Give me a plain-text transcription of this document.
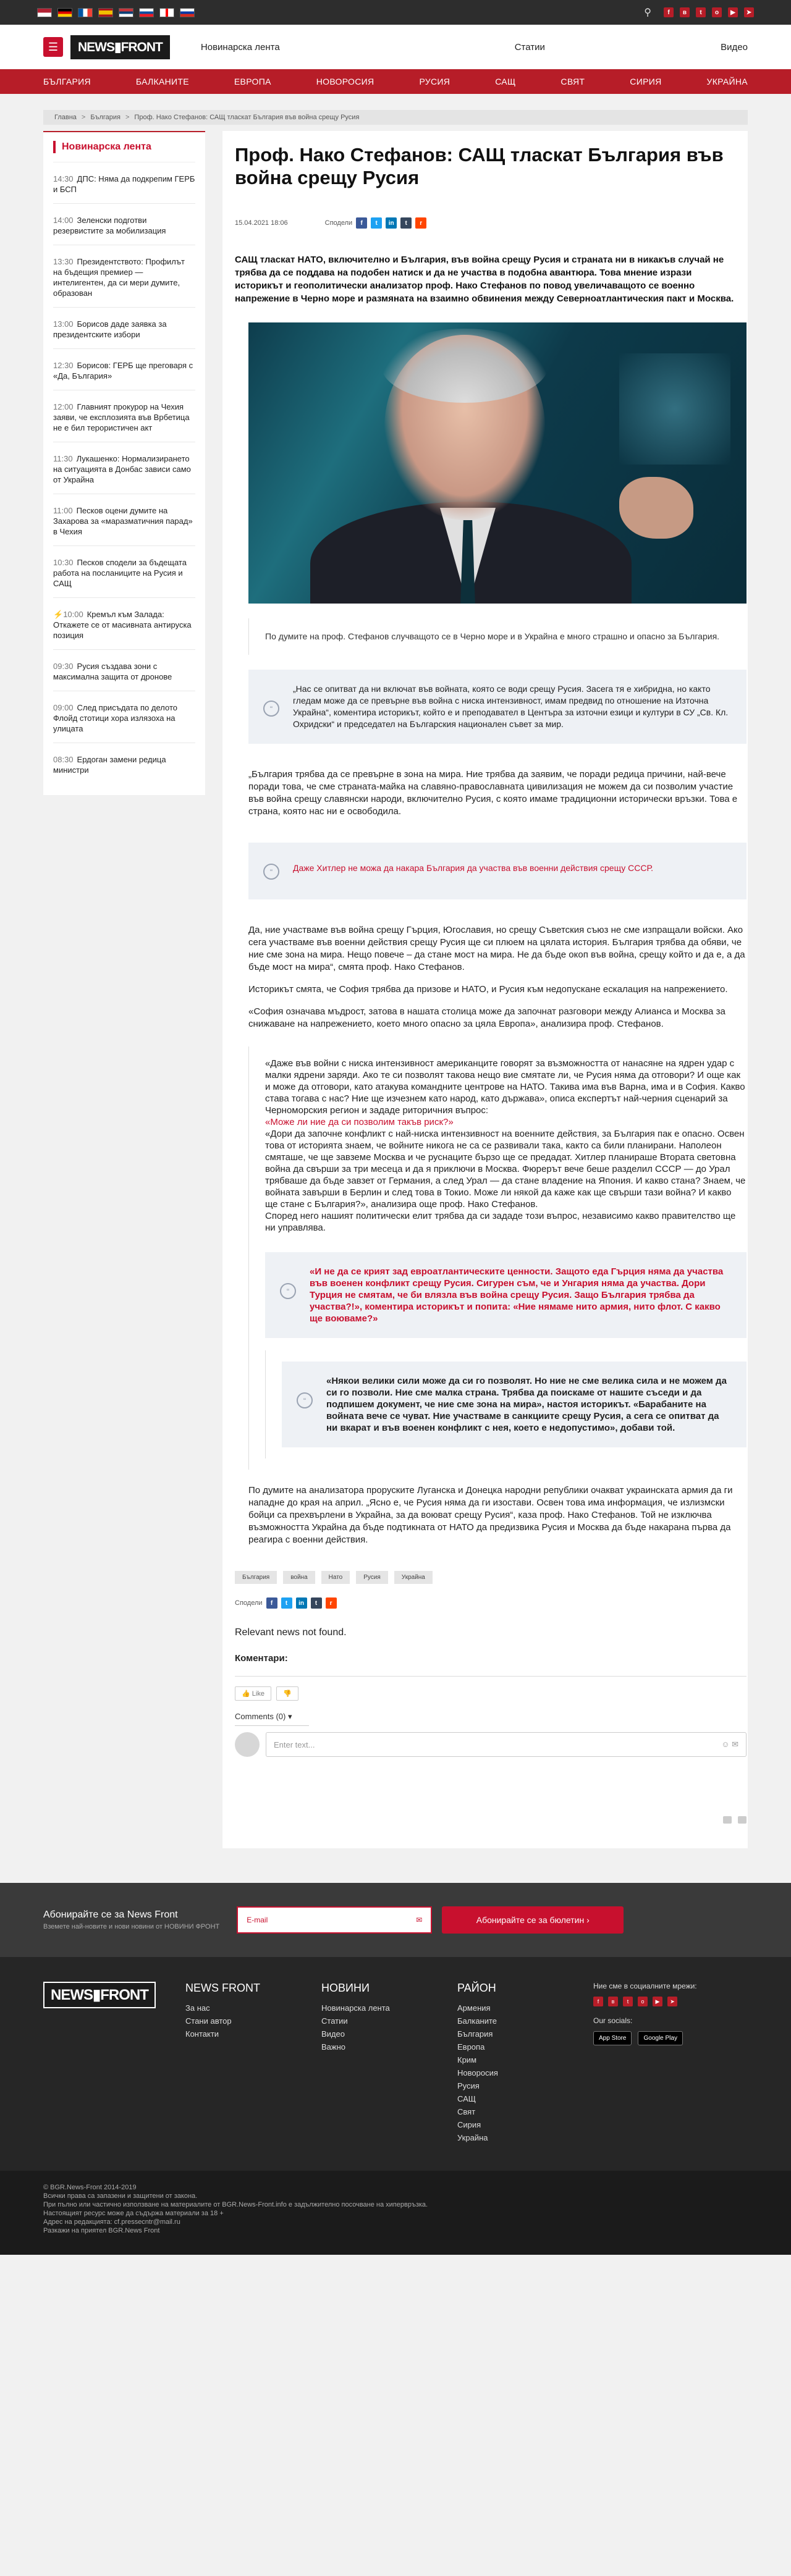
⚲	f	в	t	о	▶	➤
☰	NEWS▮FRONT	Новинарска лента	Статии	Видео
БЪЛГАРИЯ	БАЛКАНИТЕ	ЕВРОПА	НОВОРОСИЯ	РУСИЯ	САЩ	СВЯТ	СИРИЯ	УКРАЙНА
Главна > България > Проф. Нако Стефанов: САЩ тласкат България във война срещу Русия
Новинарска лента
14:30 ДПС: Няма да подкрепим ГЕРБ и БСП
14:00 Зеленски подготви резервистите за мобилизация
13:30 Президентството: Профилът на бъдещия премиер — интелигентен, да си мери думите, образован
13:00 Борисов даде заявка за президентските избори
12:30 Борисов: ГЕРБ ще преговаря с «Да, България»
12:00 Главният прокурор на Чехия заяви, че експлозията във Врбетица не е бил терористичен акт
11:30 Лукашенко: Нормализирането на ситуацията в Донбас зависи само от Украйна
11:00 Песков оцени думите на Захарова за «маразматичния парад» в Чехия
10:30 Песков сподели за бъдещата работа на посланиците на Русия и САЩ
⚡10:00 Кремъл към Залада: Откажете се от масивната антируска позиция
09:30 Русия създава зони с максимална защита от дронове
09:00 След присъдата по делото Флойд стотици хора излязоха на улицата
08:30 Ердоган замени редица министри
Проф. Нако Стефанов: САЩ тласкат България във война срещу Русия
15.04.2021 18:06	Сподели	f	t	in	t	r

САЩ тласкат НАТО, включително и България, във война срещу Русия и страната ни в никакъв случай не трябва да се поддава на подобен натиск и да не участва в подобна авантюра. Това мнение изрази историкът и геополитически анализатор проф. Нако Стефанов по повод увеличаващото се военно напрежение в Черно море и размяната на взаимно обвинения между Северноатлантическия пакт и Москва.

По думите на проф. Стефанов случващото се в Черно море и в Украйна е много страшно и опасно за България.
“

„Нас се опитват да ни включат във войната, която се води срещу Русия. Засега тя е хибридна, но както гледам може да се превърне във война с ниска интензивност, имам предвид по отношение на Източна Украйна“, коментира историкът, който е и преподавател в Центъра за източни езици и култури в СУ „Св. Кл. Охридски“ и председател на Българския национален съвет за мир.

„България трябва да се превърне в зона на мира. Ние трябва да заявим, че поради редица причини, най-вече поради това, че сме страната-майка на славяно-православната цивилизация не можем да си позволим участие във война срещу славянски народи, включително Русия, с която имаме традиционни исторически връзки. Това е страна, която нас ни е освободила.

“	Даже Хитлер не можа да накара България да участва във военни действия срещу СССР.

Да, ние участваме във война срещу Гърция, Югославия, но срещу Съветския съюз не сме изпращали войски. Ако сега участваме във военни действия срещу Русия ще си плюем на цялата история. България трябва да обяви, че ние сме зона на мира. Нещо повече – да стане мост на мира. Не да бъде окоп във война, срещу който и да е, а да бъде мост на мира“, смята проф. Нако Стефанов.

Историкът смята, че София трябва да призове и НАТО, и Русия към недопускане ескалация на напрежението.

«София означава мъдрост, затова в нашата столица може да започнат разговори между Алианса и Москва за снижаване на напрежението, което много опасно за цяла Европа», анализира проф. Стефанов.

«Даже във войни с ниска интензивност американците говорят за възможността от нанасяне на ядрен удар с малки ядрени заряди. Ако те си позволят такова нещо вие смятате ли, че Русия няма да отговори? И още как и може да отговори, като атакува командните центрове на НАТО. Такива има във Варна, има и в София. Какво става тогава с нас? Ние ще изчезнем като народ, като държава», описа експертът най-черния сценарий за Черноморския регион и зададе риторичния въпрос:

«Може ли ние да си позволим такъв риск?»

«Дори да започне конфликт с най-ниска интензивност на военните действия, за България пак е опасно. Освен това от историята знаем, че войните никога не са се развивали така, както са били планирани. Наполеон смяташе, че ще завземе Москва и че руснаците бързо ще се предадат. Хитлер планираше Втората световна война да свърши за три месеца и да я приключи в Москва. Фюрерът вече беше разделил СССР — до Урал трябваше да бъде завзет от Германия, а след Урал — да стане владение на Япония. И какво стана? Знаем, че войната завърши в Берлин и след това в Токио. Може ли някой да каже как ще свърши тази война? И какво ще стане с България?», анализира още проф. Нако Стефанов.

Според него нашият политически елит трябва да си зададе този въпрос, независимо какво правителство ще ни управлява.

“

«И не да се крият зад евроатлантическите ценности. Защото еда Гърция няма да участва във военен конфликт срещу Русия. Сигурен съм, че и Унгария няма да участва. Дори Турция не смятам, че би влязла във война срещу Русия. Защо България трябва да участва?!», коментира историкът и попита: «Ние нямаме нито армия, нито флот. С какво ще воюваме?»

“

«Някои велики сили може да си го позволят. Но ние не сме велика сила и не можем да си го позволи. Ние сме малка страна. Трябва да поискаме от нашите съседи и да подпишем документ, че ние сме зона на мира», настоя историкът. «Барабаните на войната вече се чуват. Ние участваме в санкциите срещу Русия, а сега се опитват да ни вкарат и във военен конфликт с нея, което е недопустимо», добави той.

По думите на анализатора проруските Луганска и Донецка народни републики очакват украинската армия да ги нападне до края на април. „Ясно е, че Русия няма да ги изостави. Освен това има информация, че излизмски бойци са прехвърлени в Украйна, за да воюват срещу Русия“, каза проф. Нако Стефанов. Той не изключва възможността Украйна да бъде подтикната от НАТО да предизвика Русия и Москва да бъде накарана първа да реагира с военни действия.

България	война	Нато	Русия	Украйна
Сподели	f	t	in	t	r

Relevant news not found.

Коментари:
👍 Like	👎
Comments (0) ▾
Enter text...	☺ ✉
Абонирайте се за News Front

Вземете най-новите и нови новини от НОВИНИ ФРОНТ

E-mail	✉	Абонирайте се за бюлетин ›
NEWS▮FRONT	NEWS FRONT
За нас
Стани автор
Контакти
НОВИНИ
Новинарска лента
Статии
Видео
Важно
РАЙОН
Армения
Балканите
България
Европа
Крим
Новоросия
Русия
САЩ
Свят
Сирия
Украйна

Ние сме в социалните мрежи:

f	в	t	о	▶	➤

Our socials:

App Store	Google Play
© BGR.News-Front 2014-2019
Всички права са запазени и защитени от закона.
При пълно или частично използване на материалите от BGR.News-Front.info е задължително посочване на хипервръзка.
Настоящият ресурс може да съдържа материали за 18 +
Адрес на редакцията: cf.pressecntr@mail.ru
Разкажи на приятел BGR.News Front
